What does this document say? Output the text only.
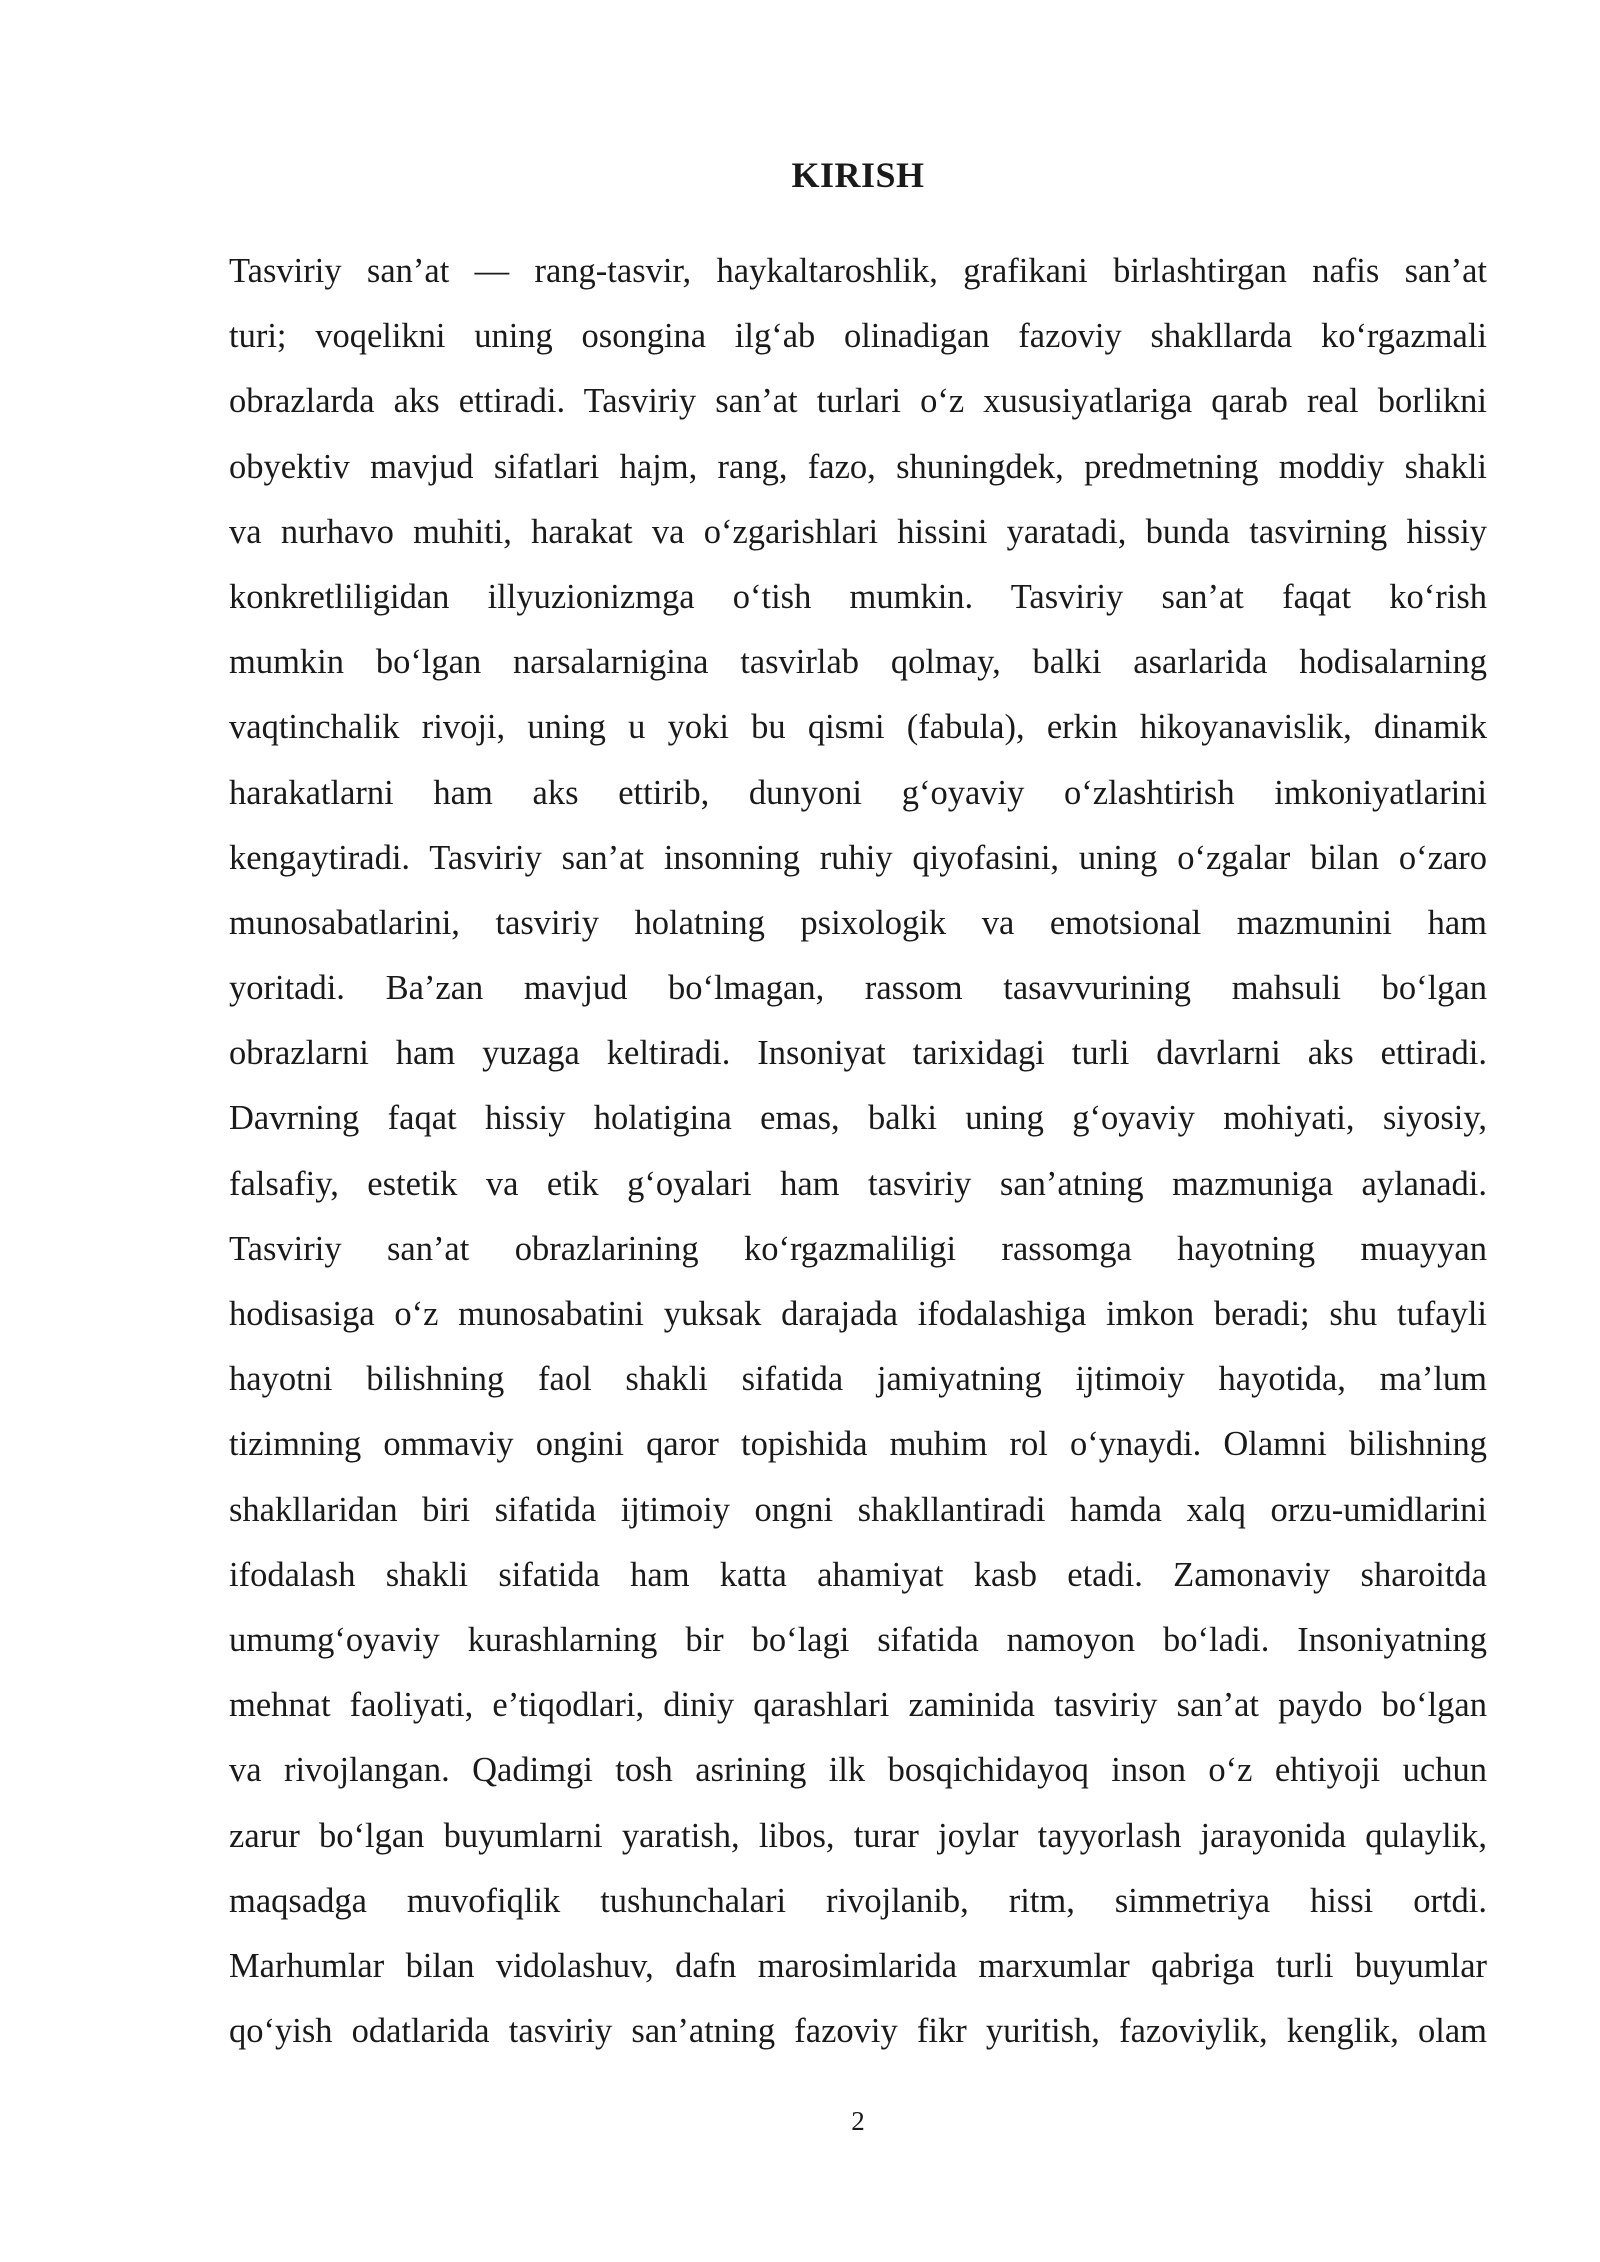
KIRISH
Tasviriy san’at — rang-tasvir, haykaltaroshlik, grafikani birlashtirgan nafis san’at
turi; voqelikni uning osongina ilg‘ab olinadigan fazoviy shakllarda ko‘rgazmali
obrazlarda aks ettiradi. Tasviriy san’at turlari o‘z xususiyatlariga qarab real borlikni
obyektiv mavjud sifatlari hajm, rang, fazo, shuningdek, predmetning moddiy shakli
va nurhavo muhiti, harakat va o‘zgarishlari hissini yaratadi, bunda tasvirning hissiy
konkretliligidan illyuzionizmga o‘tish mumkin. Tasviriy san’at faqat ko‘rish
mumkin bo‘lgan narsalarnigina tasvirlab qolmay, balki asarlarida hodisalarning
vaqtinchalik rivoji, uning u yoki bu qismi (fabula), erkin hikoyanavislik, dinamik
harakatlarni ham aks ettirib, dunyoni g‘oyaviy o‘zlashtirish imkoniyatlarini
kengaytiradi. Tasviriy san’at insonning ruhiy qiyofasini, uning o‘zgalar bilan o‘zaro
munosabatlarini, tasviriy holatning psixologik va emotsional mazmunini ham
yoritadi. Ba’zan mavjud bo‘lmagan, rassom tasavvurining mahsuli bo‘lgan
obrazlarni ham yuzaga keltiradi. Insoniyat tarixidagi turli davrlarni aks ettiradi.
Davrning faqat hissiy holatigina emas, balki uning g‘oyaviy mohiyati, siyosiy,
falsafiy, estetik va etik g‘oyalari ham tasviriy san’atning mazmuniga aylanadi.
Tasviriy san’at obrazlarining ko‘rgazmaliligi rassomga hayotning muayyan
hodisasiga o‘z munosabatini yuksak darajada ifodalashiga imkon beradi; shu tufayli
hayotni bilishning faol shakli sifatida jamiyatning ijtimoiy hayotida, ma’lum
tizimning ommaviy ongini qaror topishida muhim rol o‘ynaydi. Olamni bilishning
shakllaridan biri sifatida ijtimoiy ongni shakllantiradi hamda xalq orzu-umidlarini
ifodalash shakli sifatida ham katta ahamiyat kasb etadi. Zamonaviy sharoitda
umumg‘oyaviy kurashlarning bir bo‘lagi sifatida namoyon bo‘ladi. Insoniyatning
mehnat faoliyati, e’tiqodlari, diniy qarashlari zaminida tasviriy san’at paydo bo‘lgan
va rivojlangan. Qadimgi tosh asrining ilk bosqichidayoq inson o‘z ehtiyoji uchun
zarur bo‘lgan buyumlarni yaratish, libos, turar joylar tayyorlash jarayonida qulaylik,
maqsadga muvofiqlik tushunchalari rivojlanib, ritm, simmetriya hissi ortdi.
Marhumlar bilan vidolashuv, dafn marosimlarida marxumlar qabriga turli buyumlar
qo‘yish odatlarida tasviriy san’atning fazoviy fikr yuritish, fazoviylik, kenglik, olam
2
